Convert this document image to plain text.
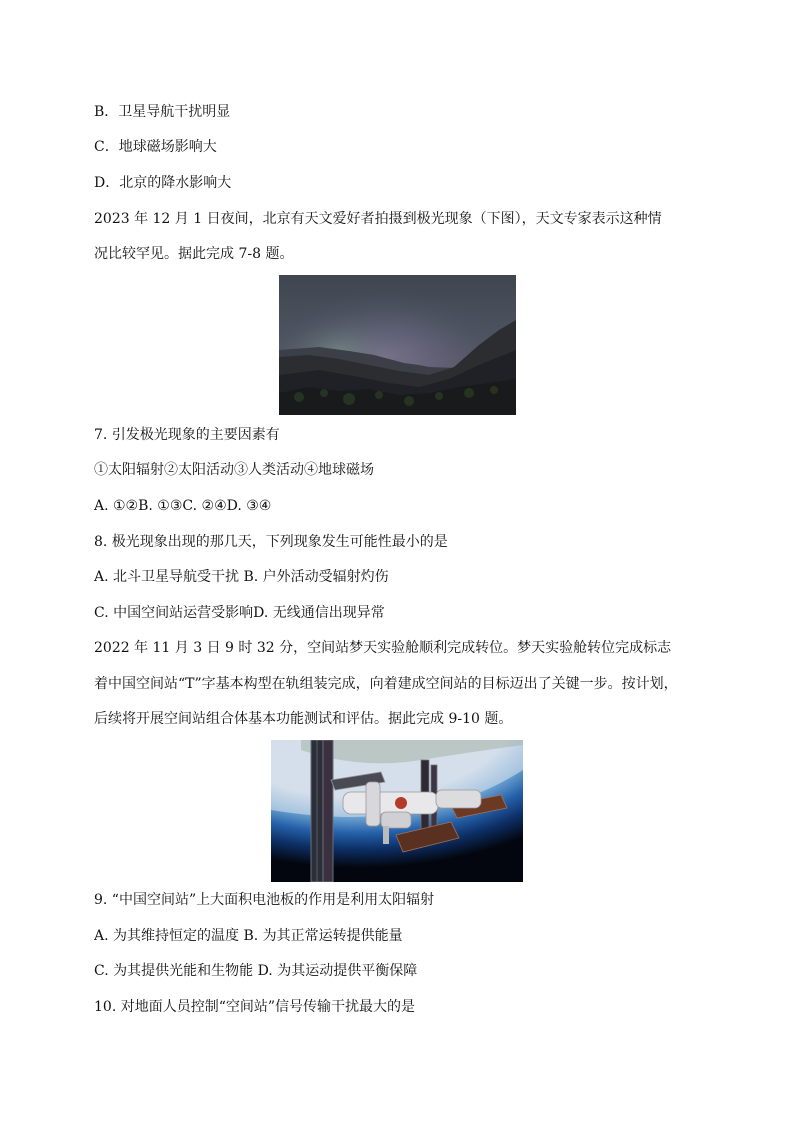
B．卫星导航干扰明显
C．地球磁场影响大
D．北京的降水影响大
2023 年 12 月 1 日夜间，北京有天文爱好者拍摄到极光现象（下图），天文专家表示这种情
况比较罕见。据此完成 7-8 题。
7. 引发极光现象的主要因素有
①太阳辐射②太阳活动③人类活动④地球磁场
A. ①②B. ①③C. ②④D. ③④
8. 极光现象出现的那几天，下列现象发生可能性最小的是
A. 北斗卫星导航受干扰 B. 户外活动受辐射灼伤
C. 中国空间站运营受影响D. 无线通信出现异常
2022 年 11 月 3 日 9 时 32 分，空间站梦天实验舱顺利完成转位。梦天实验舱转位完成标志
着中国空间站“T”字基本构型在轨组装完成，向着建成空间站的目标迈出了关键一步。按计划，
后续将开展空间站组合体基本功能测试和评估。据此完成 9-10 题。
9. “中国空间站”上大面积电池板的作用是利用太阳辐射
A. 为其维持恒定的温度 B. 为其正常运转提供能量
C. 为其提供光能和生物能 D. 为其运动提供平衡保障
10. 对地面人员控制“空间站”信号传输干扰最大的是
